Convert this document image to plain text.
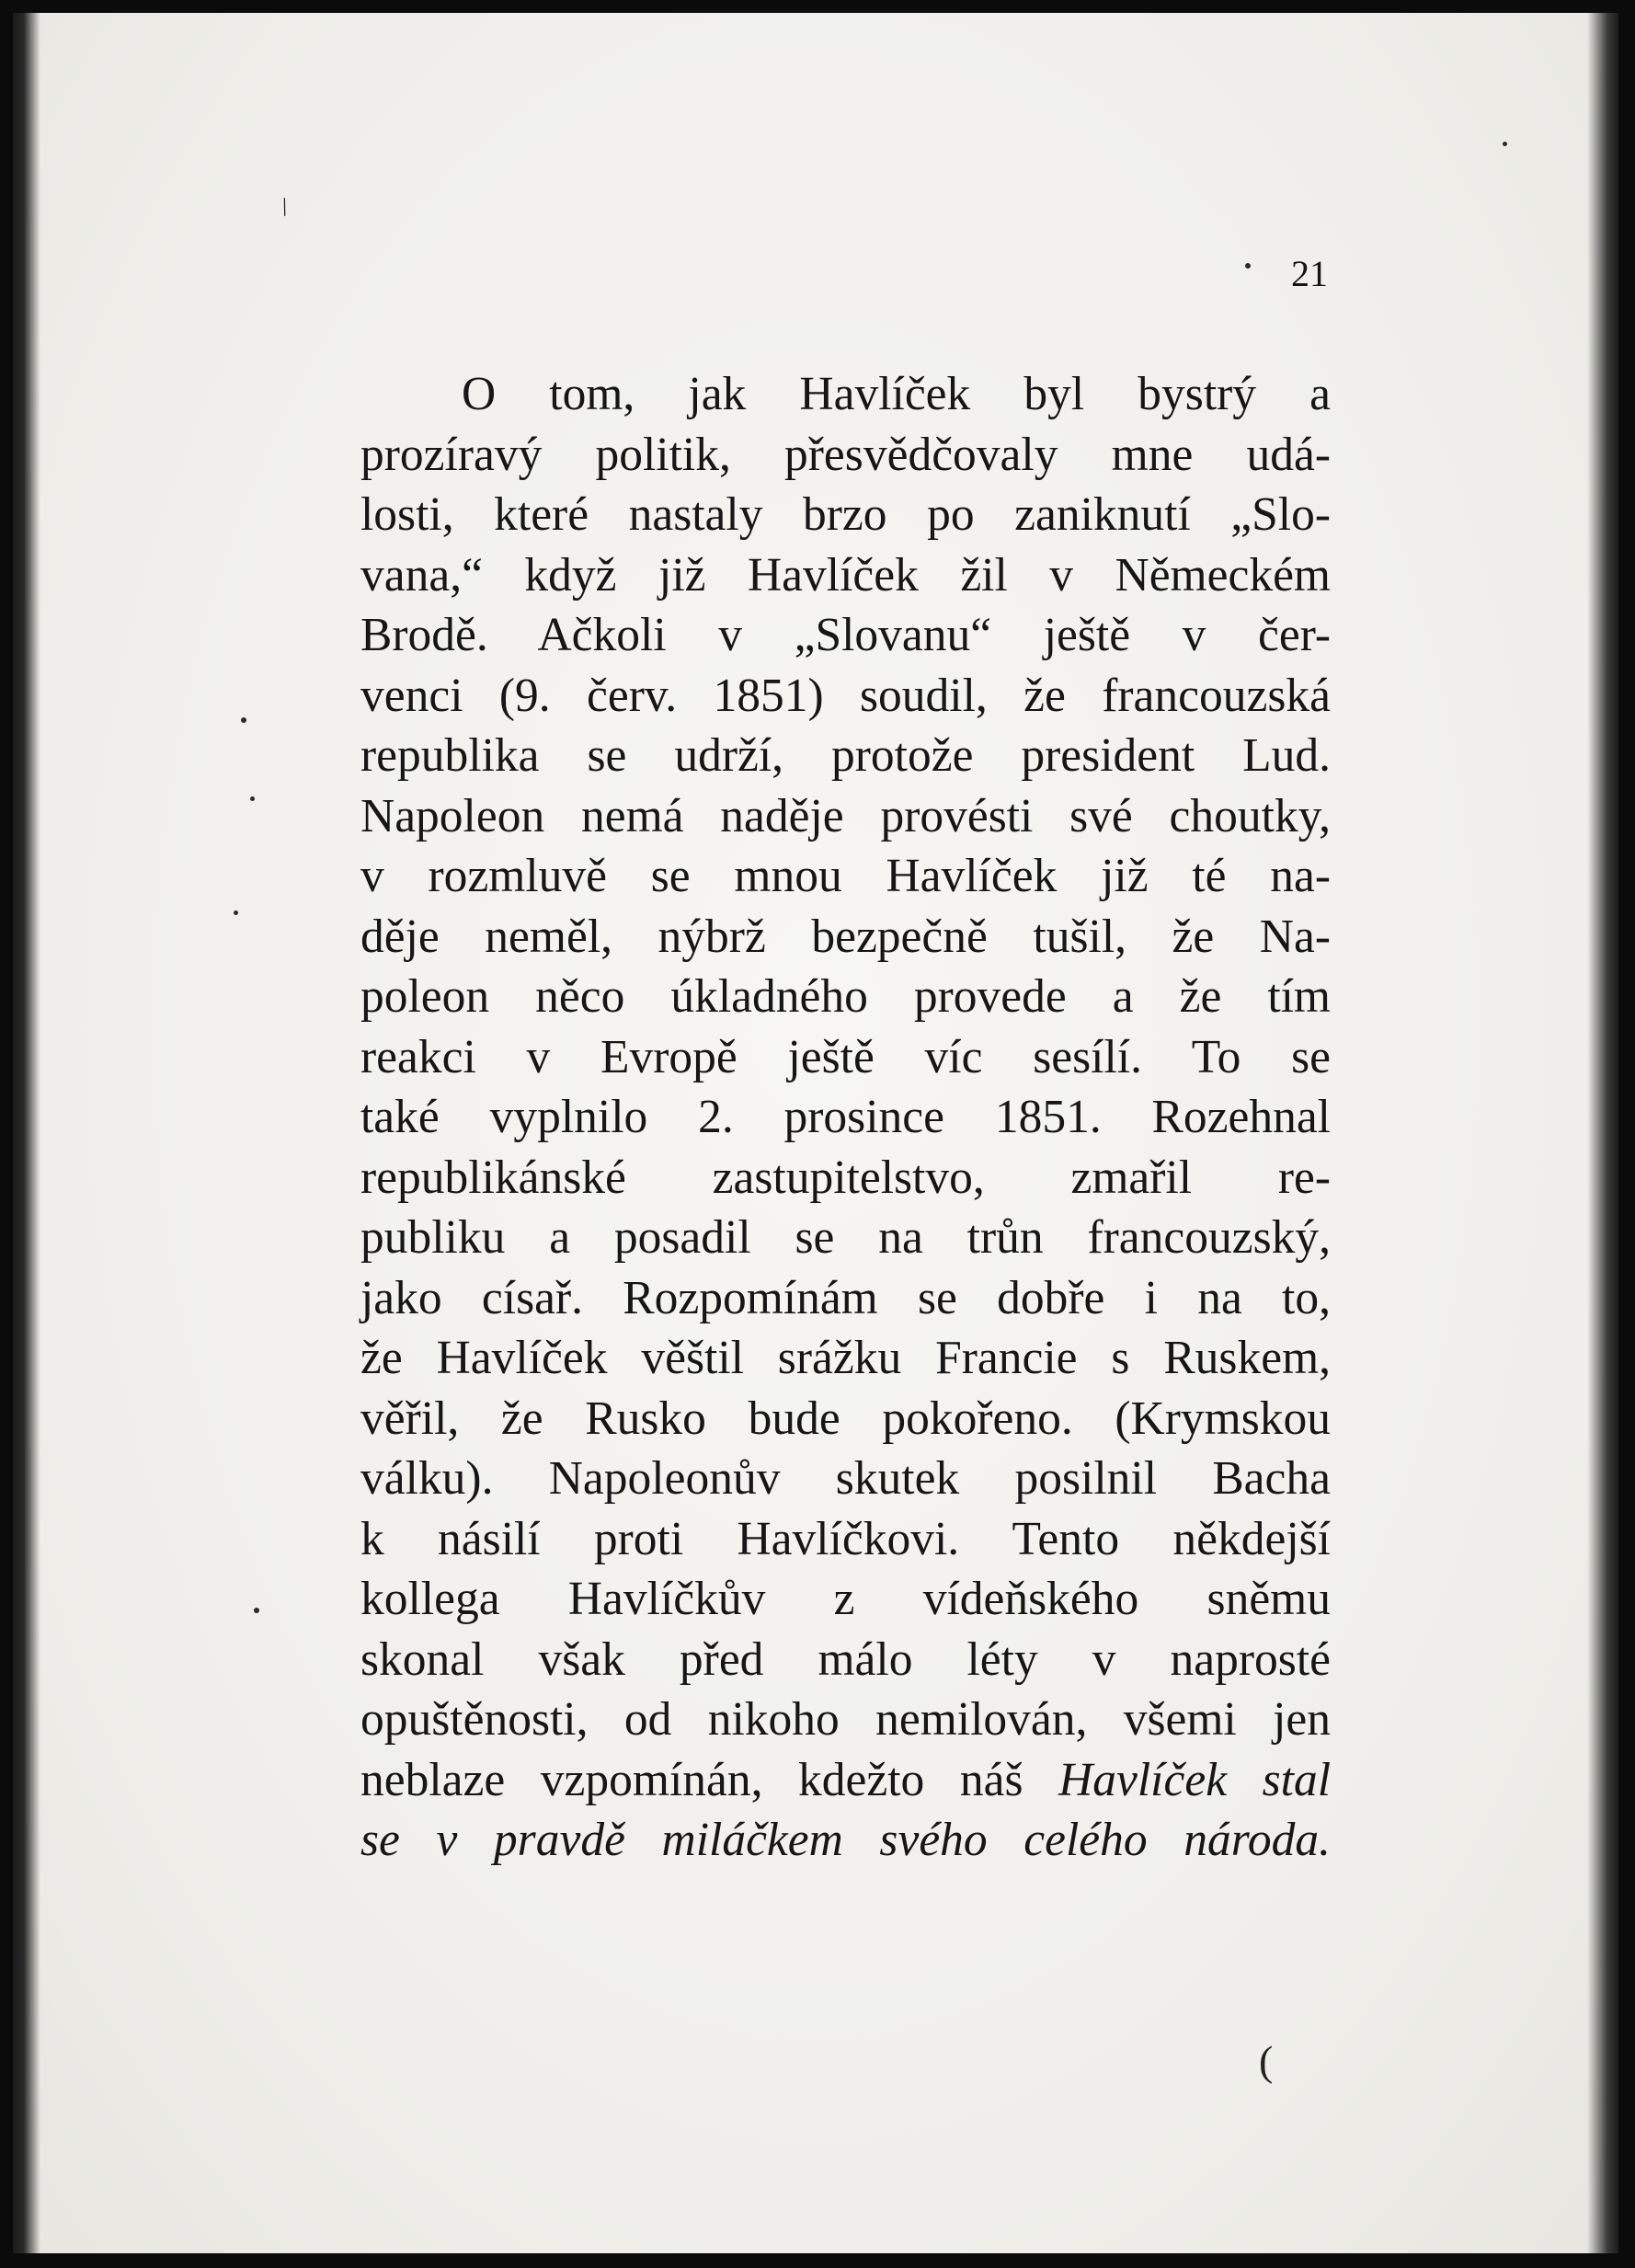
21
/
(
O tom, jak Havlíček byl bystrý a
prozíravý politik, přesvědčovaly mne udá-
losti, které nastaly brzo po zaniknutí „Slo-
vana,“ když již Havlíček žil v Německém
Brodě. Ačkoli v „Slovanu“ ještě v čer-
venci (9. červ. 1851) soudil, že francouzská
republika se udrží, protože president Lud.
Napoleon nemá naděje provésti své choutky,
v rozmluvě se mnou Havlíček již té na-
děje neměl, nýbrž bezpečně tušil, že Na-
poleon něco úkladného provede a že tím
reakci v Evropě ještě víc sesílí. To se
také vyplnilo 2. prosince 1851. Rozehnal
republikánské zastupitelstvo, zmařil re-
publiku a posadil se na trůn francouzský,
jako císař. Rozpomínám se dobře i na to,
že Havlíček věštil srážku Francie s Ruskem,
věřil, že Rusko bude pokořeno. (Krymskou
válku). Napoleonův skutek posilnil Bacha
k násilí proti Havlíčkovi. Tento někdejší
kollega Havlíčkův z vídeňského sněmu
skonal však před málo léty v naprosté
opuštěnosti, od nikoho nemilován, všemi jen
neblaze vzpomínán, kdežto náš Havlíček stal
se v pravdě miláčkem svého celého národa.
